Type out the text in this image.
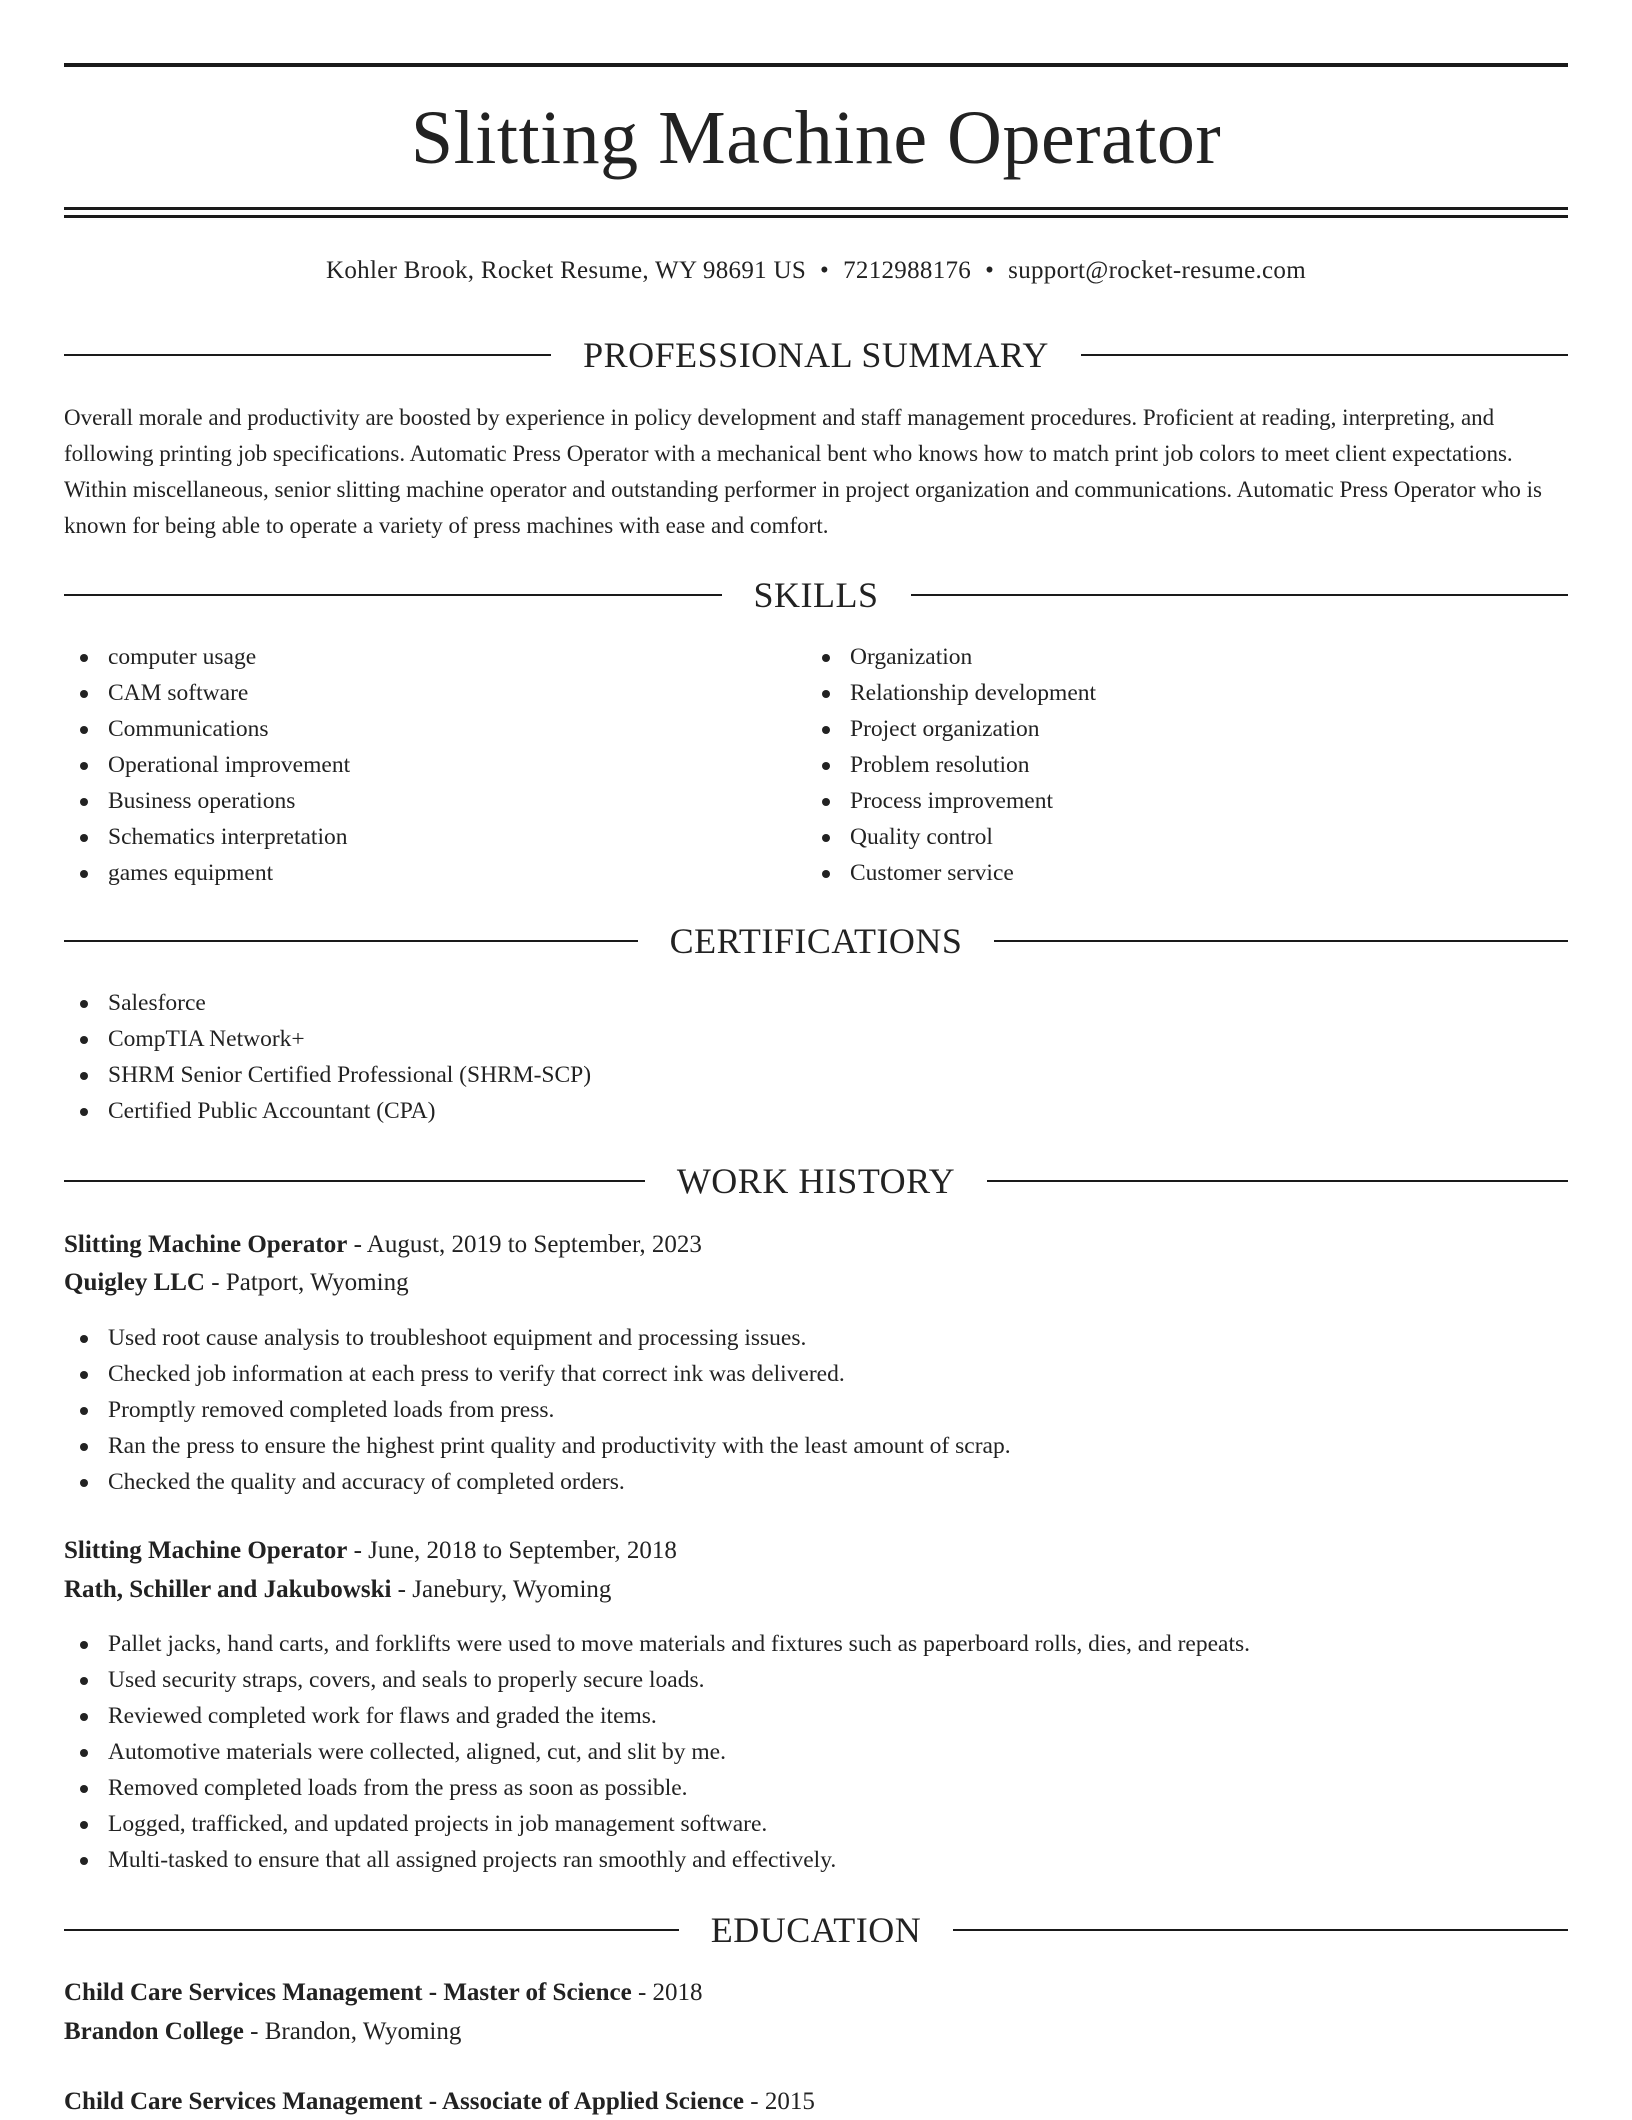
Slitting Machine Operator
Kohler Brook, Rocket Resume, WY 98691 US • 7212988176 • support@rocket-resume.com
PROFESSIONAL SUMMARY

Overall morale and productivity are boosted by experience in policy development and staff management procedures. Proficient at reading, interpreting, and following printing job specifications. Automatic Press Operator with a mechanical bent who knows how to match print job colors to meet client expectations. Within miscellaneous, senior slitting machine operator and outstanding performer in project organization and communications. Automatic Press Operator who is known for being able to operate a variety of press machines with ease and comfort.

SKILLS
computer usage
CAM software
Communications
Operational improvement
Business operations
Schematics interpretation
games equipment
Organization
Relationship development
Project organization
Problem resolution
Process improvement
Quality control
Customer service
CERTIFICATIONS
Salesforce
CompTIA Network+
SHRM Senior Certified Professional (SHRM-SCP)
Certified Public Accountant (CPA)
WORK HISTORY
Slitting Machine Operator - August, 2019 to September, 2023
Quigley LLC - Patport, Wyoming
Used root cause analysis to troubleshoot equipment and processing issues.
Checked job information at each press to verify that correct ink was delivered.
Promptly removed completed loads from press.
Ran the press to ensure the highest print quality and productivity with the least amount of scrap.
Checked the quality and accuracy of completed orders.
Slitting Machine Operator - June, 2018 to September, 2018
Rath, Schiller and Jakubowski - Janebury, Wyoming
Pallet jacks, hand carts, and forklifts were used to move materials and fixtures such as paperboard rolls, dies, and repeats.
Used security straps, covers, and seals to properly secure loads.
Reviewed completed work for flaws and graded the items.
Automotive materials were collected, aligned, cut, and slit by me.
Removed completed loads from the press as soon as possible.
Logged, trafficked, and updated projects in job management software.
Multi-tasked to ensure that all assigned projects ran smoothly and effectively.
EDUCATION
Child Care Services Management - Master of Science - 2018
Brandon College - Brandon, Wyoming
Child Care Services Management - Associate of Applied Science - 2015
